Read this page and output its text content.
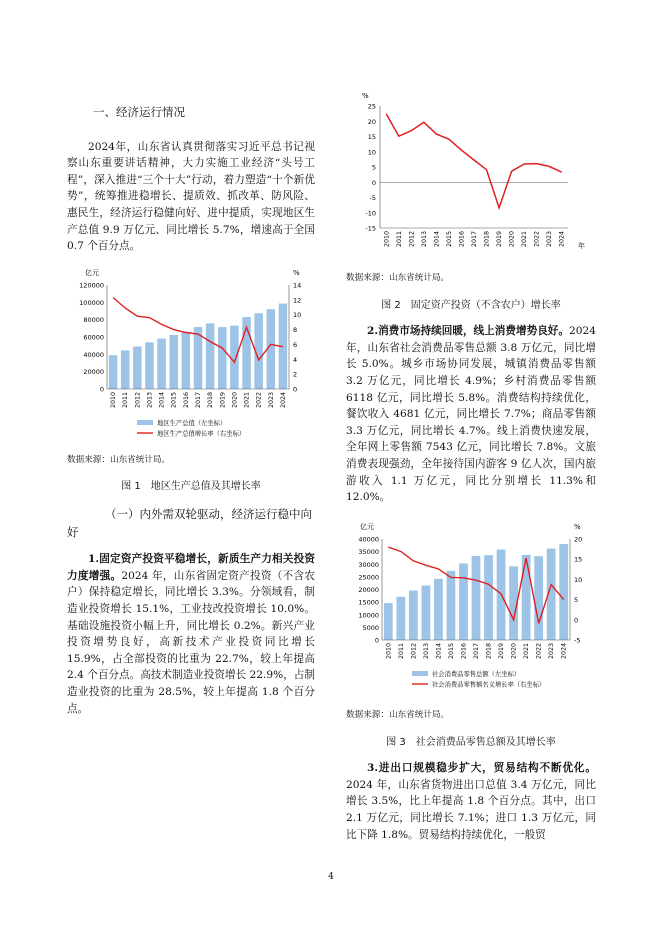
一、经济运行情况

2024年，山东省认真贯彻落实习近平总书记视察山东重要讲话精神，大力实施工业经济“头号工程”，深入推进“三个十大”行动，着力塑造“十个新优势”，统筹推进稳增长、提质效、抓改革、防风险、惠民生，经济运行稳健向好、进中提质，实现地区生产总值 9.9 万亿元、同比增长 5.7%，增速高于全国 0.7 个百分点。

亿元	%
0
20000
40000
60000
80000
100000
120000
0
2
4
6
8
10
12
14
2010 2011 2012 2013 2014 2015 2016 2017 2018 2019 2020 2021 2022 2023 2024
地区生产总值（左坐标）
地区生产总值增长率（右坐标）
数据来源：山东省统计局。
图 1　地区生产总值及其增长率
（一）内外需双轮驱动，经济运行稳中向好

1.固定资产投资平稳增长，新质生产力相关投资力度增强。2024 年，山东省固定资产投资（不含农户）保持稳定增长，同比增长 3.3%。分领域看，制造业投资增长 15.1%，工业技改投资增长 10.0%。基础设施投资小幅上升，同比增长 0.2%。新兴产业投资增势良好，高新技术产业投资同比增长 15.9%，占全部投资的比重为 22.7%，较上年提高 2.4 个百分点。高技术制造业投资增长 22.9%，占制造业投资的比重为 28.5%，较上年提高 1.8 个百分点。

%
-15
-10
-5
0
5
10
15
20
25
2010 2011 2012 2013 2014 2015 2016 2017 2018 2019 2020 2021 2022 2023 2024 年
数据来源：山东省统计局。
图 2　固定资产投资（不含农户）增长率

2.消费市场持续回暖，线上消费增势良好。2024 年，山东省社会消费品零售总额 3.8 万亿元，同比增长 5.0%。城乡市场协同发展，城镇消费品零售额 3.2 万亿元，同比增长 4.9%；乡村消费品零售额 6118 亿元，同比增长 5.8%。消费结构持续优化，餐饮收入 4681 亿元，同比增长 7.7%；商品零售额 3.3 万亿元，同比增长 4.7%。线上消费快速发展，全年网上零售额 7543 亿元，同比增长 7.8%。文旅消费表现强劲，全年接待国内游客 9 亿人次，国内旅游收入 1.1 万亿元，同比分别增长 11.3%和 12.0%。

亿元	%
0
5000
10000
15000
20000
25000
30000
35000
40000
-5
0
5
10
15
20
2010 2011 2012 2013 2014 2015 2016 2017 2018 2019 2020 2021 2022 2023 2024
社会消费品零售总额（左坐标）
社会消费品零售额名义增长率（右坐标）
数据来源：山东省统计局。
图 3　社会消费品零售总额及其增长率

3.进出口规模稳步扩大，贸易结构不断优化。2024 年，山东省货物进出口总值 3.4 万亿元，同比增长 3.5%，比上年提高 1.8 个百分点。其中，出口 2.1 万亿元，同比增长 7.1%；进口 1.3 万亿元，同比下降 1.8%。贸易结构持续优化，一般贸

4
